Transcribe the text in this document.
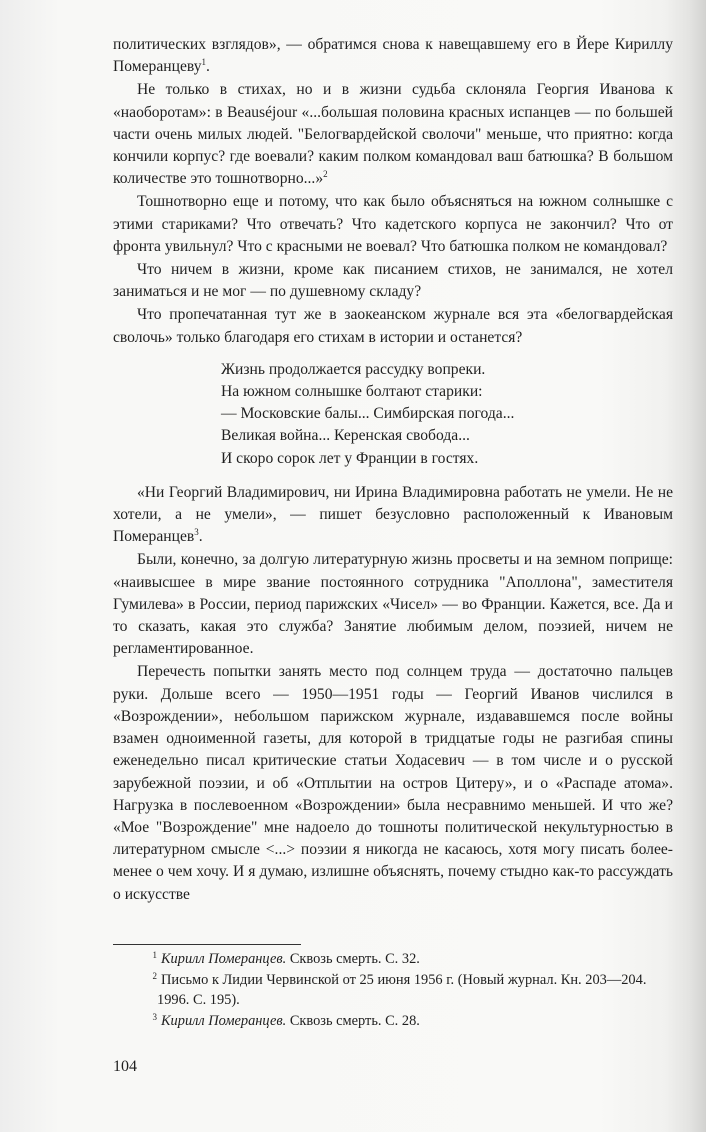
политических взглядов», — обратимся снова к навещавшему его в Йере Кириллу Померанцеву$^1$.

Не только в стихах, но и в жизни судьба склоняла Георгия Иванова к «наоборотам»: в Beauséjour «...большая половина красных испанцев — по большей части очень милых людей. "Белогвардейской сволочи" меньше, что приятно: когда кончили корпус? где воевали? каким полком командовал ваш батюшка? В большом количестве это тошнотворно...»$^2$

Тошнотворно еще и потому, что как было объясняться на южном солнышке с этими стариками? Что отвечать? Что кадетского корпуса не закончил? Что от фронта увильнул? Что с красными не воевал? Что батюшка полком не командовал?

Что ничем в жизни, кроме как писанием стихов, не занимался, не хотел заниматься и не мог — по душевному складу?

Что пропечатанная тут же в заокеанском журнале вся эта «белогвардейская сволочь» только благодаря его стихам в истории и останется?

Жизнь продолжается рассудку вопреки.
На южном солнышке болтают старики:
— Московские балы... Симбирская погода...
Великая война... Керенская свобода...
И скоро сорок лет у Франции в гостях.

«Ни Георгий Владимирович, ни Ирина Владимировна работать не умели. Не не хотели, а не умели», — пишет безусловно расположенный к Ивановым Померанцев$^3$.

Были, конечно, за долгую литературную жизнь просветы и на земном поприще: «наивысшее в мире звание постоянного сотрудника "Аполлона", заместителя Гумилева» в России, период парижских «Чисел» — во Франции. Кажется, все. Да и то сказать, какая это служба? Занятие любимым делом, поэзией, ничем не регламентированное.

Перечесть попытки занять место под солнцем труда — достаточно пальцев руки. Дольше всего — 1950—1951 годы — Георгий Иванов числился в «Возрождении», небольшом парижском журнале, издававшемся после войны взамен одноименной газеты, для которой в тридцатые годы не разгибая спины еженедельно писал критические статьи Ходасевич — в том числе и о русской зарубежной поэзии, и об «Отплытии на остров Цитеру», и о «Распаде атома». Нагрузка в послевоенном «Возрождении» была несравнимо меньшей. И что же? «Мое "Возрождение" мне надоело до тошноты политической некультурностью в литературном смысле <...> поэзии я никогда не касаюсь, хотя могу писать более-менее о чем хочу. И я думаю, излишне объяснять, почему стыдно как-то рассуждать о искусстве

1 Кирилл Померанцев. Сквозь смерть. С. 32.

2 Письмо к Лидии Червинской от 25 июня 1956 г. (Новый журнал. Кн. 203—204. 1996. С. 195).

3 Кирилл Померанцев. Сквозь смерть. С. 28.

104
